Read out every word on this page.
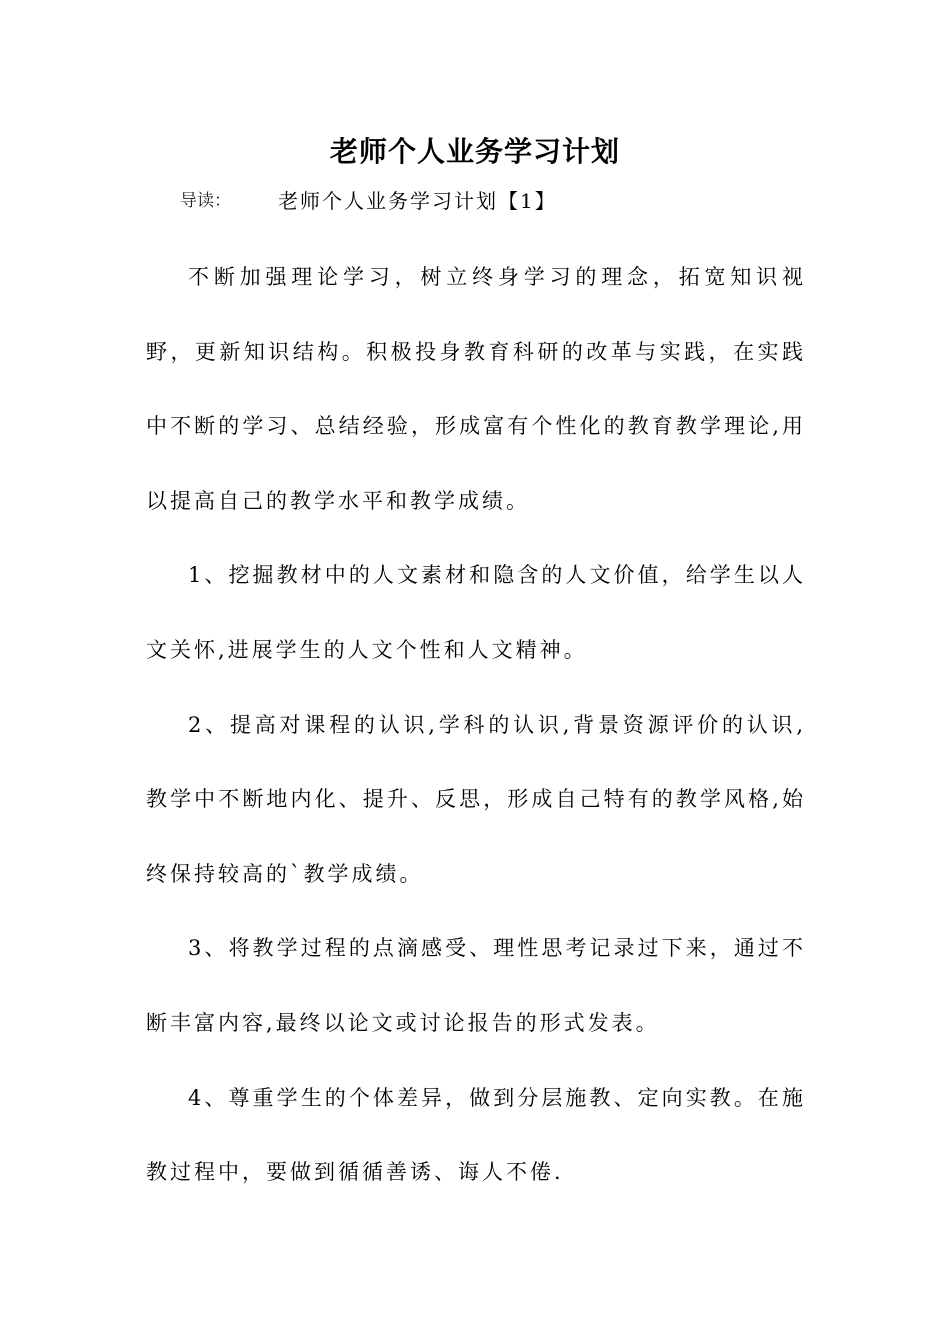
老师个人业务学习计划
导读： 老师个人业务学习计划【1】

不断加强理论学习，树立终身学习的理念，拓宽知识视野，更新知识结构。积极投身教育科研的改革与实践，在实践中不断的学习、总结经验，形成富有个性化的教育教学理论,用以提高自己的教学水平和教学成绩。

1、挖掘教材中的人文素材和隐含的人文价值，给学生以人文关怀,进展学生的人文个性和人文精神。

2、提高对课程的认识,学科的认识,背景资源评价的认识,教学中不断地内化、提升、反思，形成自己特有的教学风格,始终保持较高的`教学成绩。

3、将教学过程的点滴感受、理性思考记录过下来，通过不断丰富内容,最终以论文或讨论报告的形式发表。

4、尊重学生的个体差异，做到分层施教、定向实教。在施教过程中，要做到循循善诱、诲人不倦.
